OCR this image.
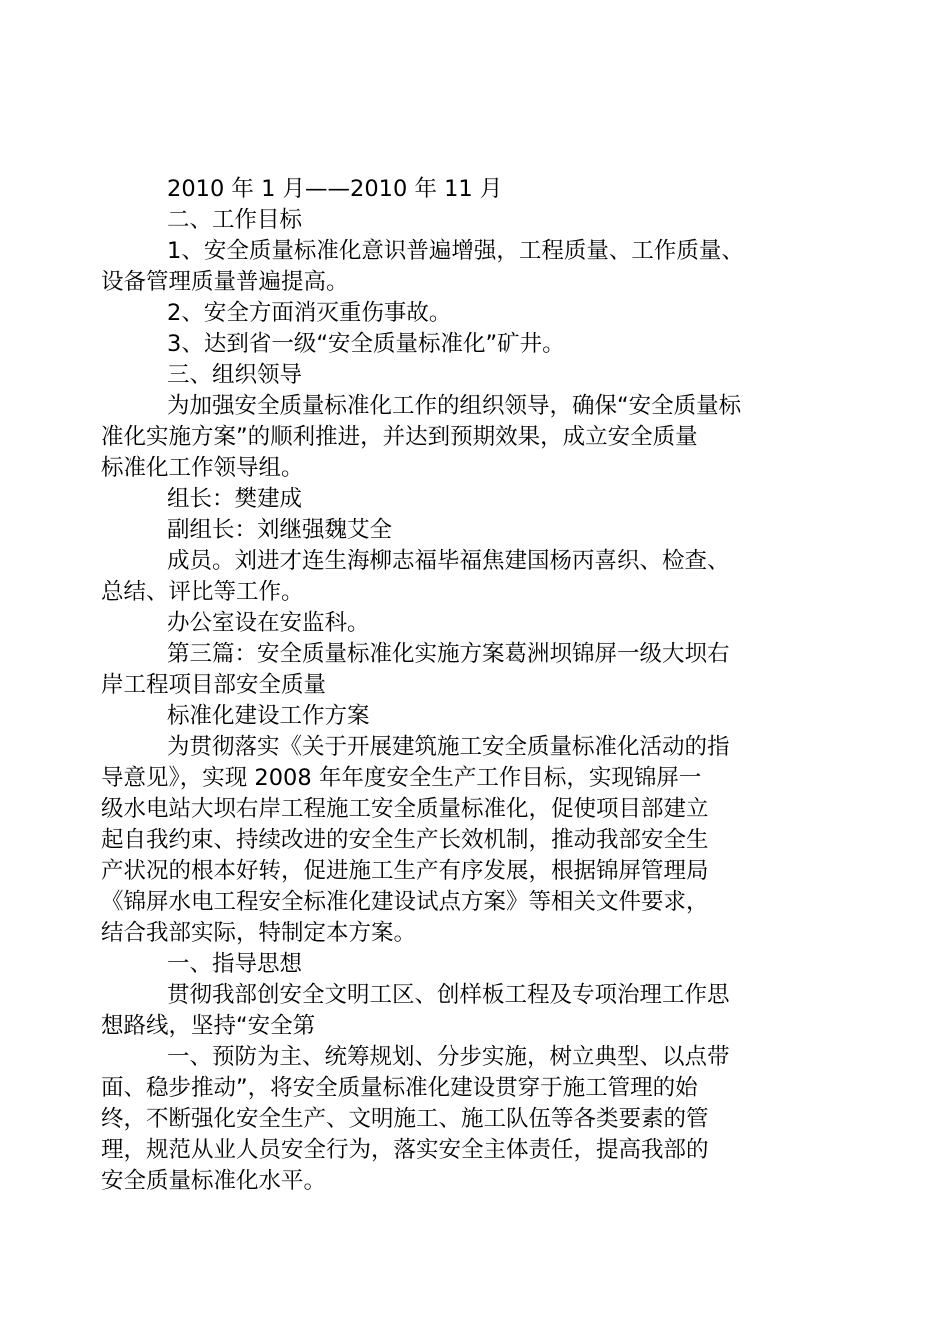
2010 年 1 月——2010 年 11 月

二、工作目标

1、安全质量标准化意识普遍增强，工程质量、工作质量、
设备管理质量普遍提高。

2、安全方面消灭重伤事故。

3、达到省一级“安全质量标准化”矿井。

三、组织领导

为加强安全质量标准化工作的组织领导，确保“安全质量标
准化实施方案”的顺利推进，并达到预期效果，成立安全质量
标准化工作领导组。

组长：樊建成

副组长：刘继强魏艾全

成员。刘进才连生海柳志福毕福焦建国杨丙喜织、检查、
总结、评比等工作。

办公室设在安监科。

第三篇：安全质量标准化实施方案葛洲坝锦屏一级大坝右
岸工程项目部安全质量

标准化建设工作方案

为贯彻落实《关于开展建筑施工安全质量标准化活动的指
导意见》，实现 2008 年年度安全生产工作目标，实现锦屏一
级水电站大坝右岸工程施工安全质量标准化，促使项目部建立
起自我约束、持续改进的安全生产长效机制，推动我部安全生
产状况的根本好转，促进施工生产有序发展，根据锦屏管理局
《锦屏水电工程安全标准化建设试点方案》等相关文件要求，
结合我部实际，特制定本方案。

一、指导思想

贯彻我部创安全文明工区、创样板工程及专项治理工作思
想路线，坚持“安全第

一、预防为主、统筹规划、分步实施，树立典型、以点带
面、稳步推动”，将安全质量标准化建设贯穿于施工管理的始
终，不断强化安全生产、文明施工、施工队伍等各类要素的管
理，规范从业人员安全行为，落实安全主体责任，提高我部的
安全质量标准化水平。
